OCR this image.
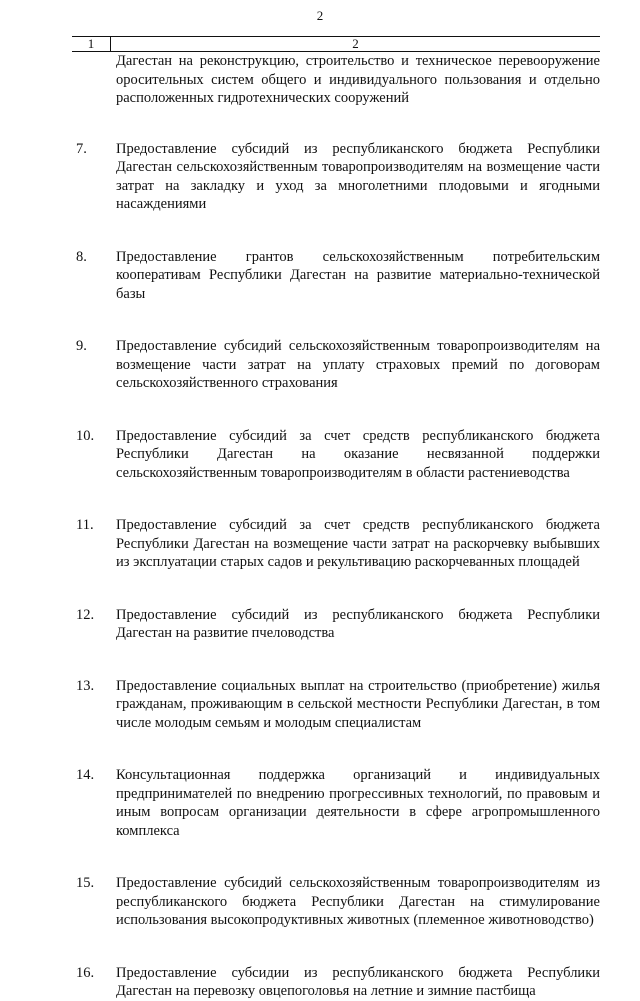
2
1	2
Дагестан на реконструкцию, строительство и техническое перевооружение оросительных систем общего и индивидуального пользования и отдельно расположенных гидротехнических сооружений
7.	Предоставление субсидий из республиканского бюджета Республики Дагестан сельскохозяйственным товаропроизводителям на возмещение части затрат на закладку и уход за многолетними плодовыми и ягодными насаждениями
8.	Предоставление грантов сельскохозяйственным потребительским кооперативам Республики Дагестан на развитие материально-технической базы
9.	Предоставление субсидий сельскохозяйственным товаропроизводителям на возмещение части затрат на уплату страховых премий по договорам сельскохозяйственного страхования
10.	Предоставление субсидий за счет средств республиканского бюджета Республики Дагестан на оказание несвязанной поддержки сельскохозяйственным товаропроизводителям в области растениеводства
11.	Предоставление субсидий за счет средств республиканского бюджета Республики Дагестан на возмещение части затрат на раскорчевку выбывших из эксплуатации старых садов и рекультивацию раскорчеванных площадей
12.	Предоставление субсидий из республиканского бюджета Республики Дагестан на развитие пчеловодства
13.	Предоставление социальных выплат на строительство (приобретение) жилья гражданам, проживающим в сельской местности Республики Дагестан, в том числе молодым семьям и молодым специалистам
14.	Консультационная поддержка организаций и индивидуальных предпринимателей по внедрению прогрессивных технологий, по правовым и иным вопросам организации деятельности в сфере агропромышленного комплекса
15.	Предоставление субсидий сельскохозяйственным товаропроизводителям из республиканского бюджета Республики Дагестан на стимулирование использования высокопродуктивных животных (племенное животноводство)
16.	Предоставление субсидии из республиканского бюджета Республики Дагестан на перевозку овцепоголовья на летние и зимние пастбища
